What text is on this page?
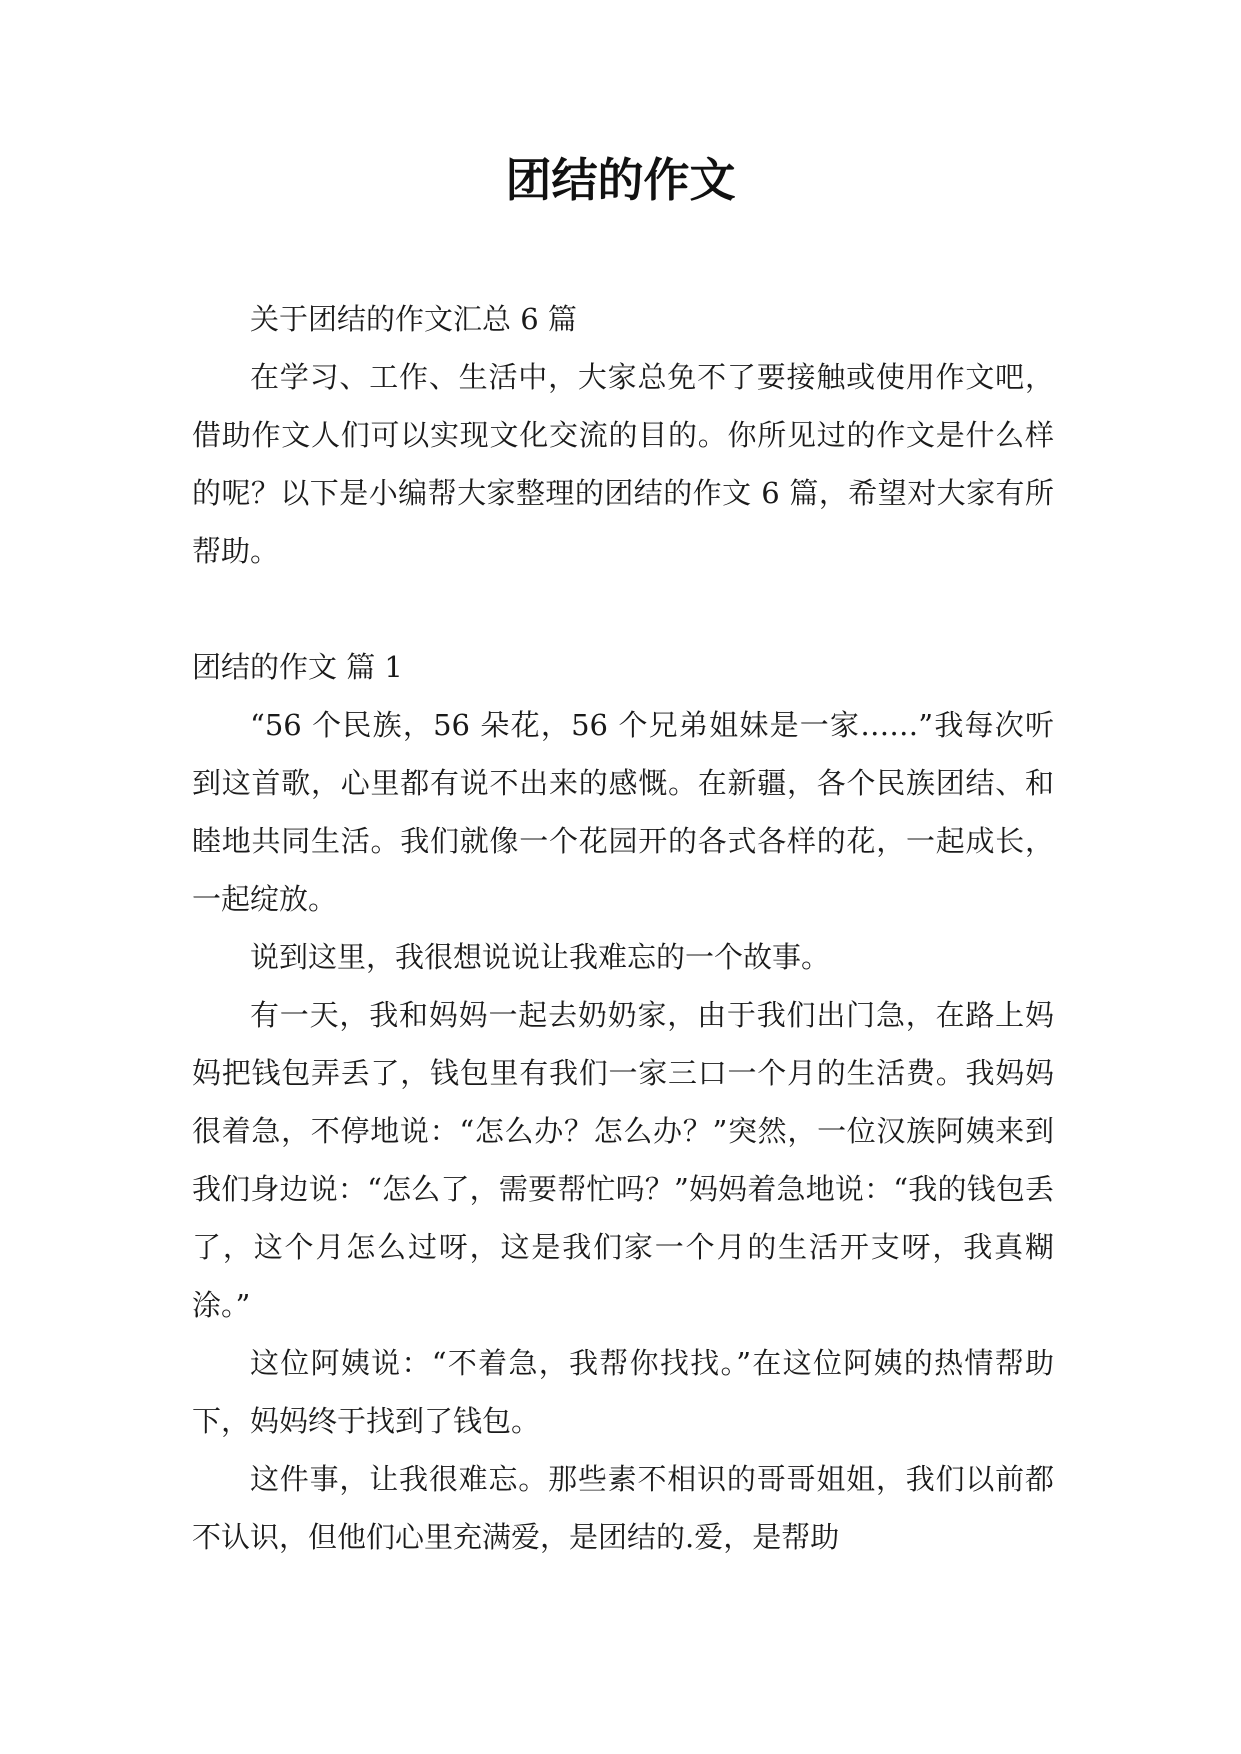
团结的作文

关于团结的作文汇总 6 篇

在学习、工作、生活中，大家总免不了要接触或使用作文吧，借助作文人们可以实现文化交流的目的。你所见过的作文是什么样的呢？以下是小编帮大家整理的团结的作文 6 篇，希望对大家有所帮助。

团结的作文 篇 1

“56 个民族，56 朵花，56 个兄弟姐妹是一家……”我每次听到这首歌，心里都有说不出来的感慨。在新疆，各个民族团结、和睦地共同生活。我们就像一个花园开的各式各样的花，一起成长，一起绽放。

说到这里，我很想说说让我难忘的一个故事。

有一天，我和妈妈一起去奶奶家，由于我们出门急，在路上妈妈把钱包弄丢了，钱包里有我们一家三口一个月的生活费。我妈妈很着急，不停地说：“怎么办？怎么办？”突然，一位汉族阿姨来到我们身边说：“怎么了，需要帮忙吗？”妈妈着急地说：“我的钱包丢了，这个月怎么过呀，这是我们家一个月的生活开支呀，我真糊涂。”

这位阿姨说：“不着急，我帮你找找。”在这位阿姨的热情帮助下，妈妈终于找到了钱包。

这件事，让我很难忘。那些素不相识的哥哥姐姐，我们以前都不认识，但他们心里充满爱，是团结的.爱，是帮助
